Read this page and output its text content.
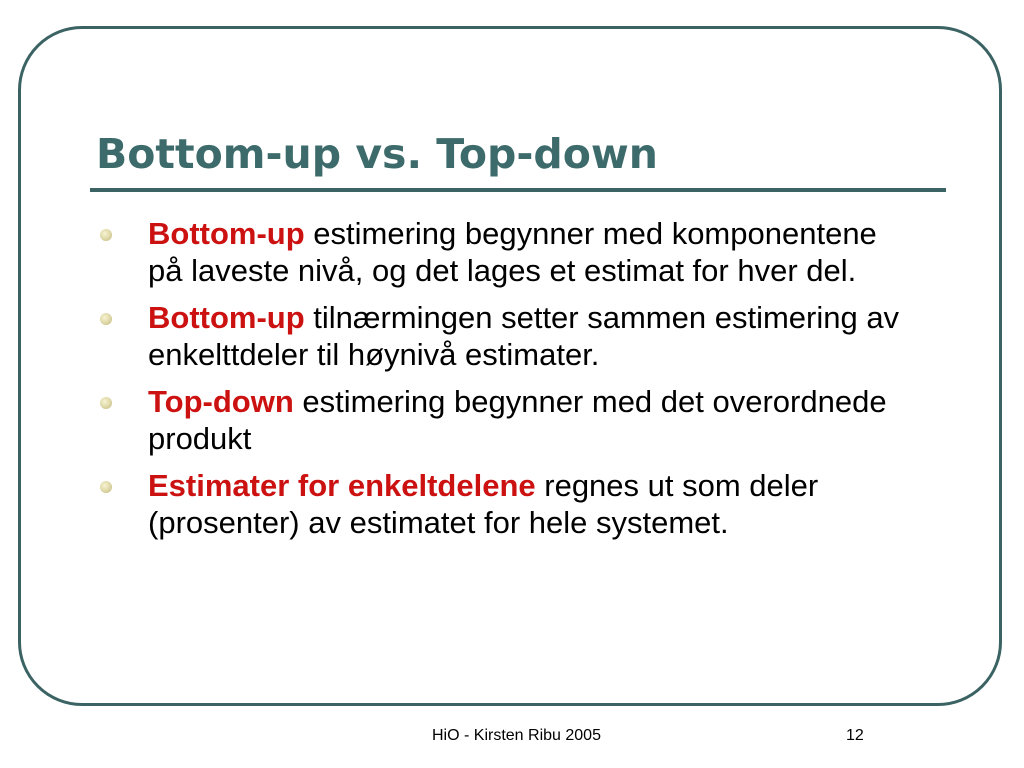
Bottom-up vs. Top-down
Bottom-up estimering begynner med komponentene på laveste nivå, og det lages et estimat for hver del.
Bottom-up tilnærmingen setter sammen estimering av enkelttdeler til høynivå estimater.
Top-down estimering begynner med det overordnede produkt
Estimater for enkeltdelene regnes ut som deler (prosenter) av estimatet for hele systemet.
HiO - Kirsten Ribu 2005	12
